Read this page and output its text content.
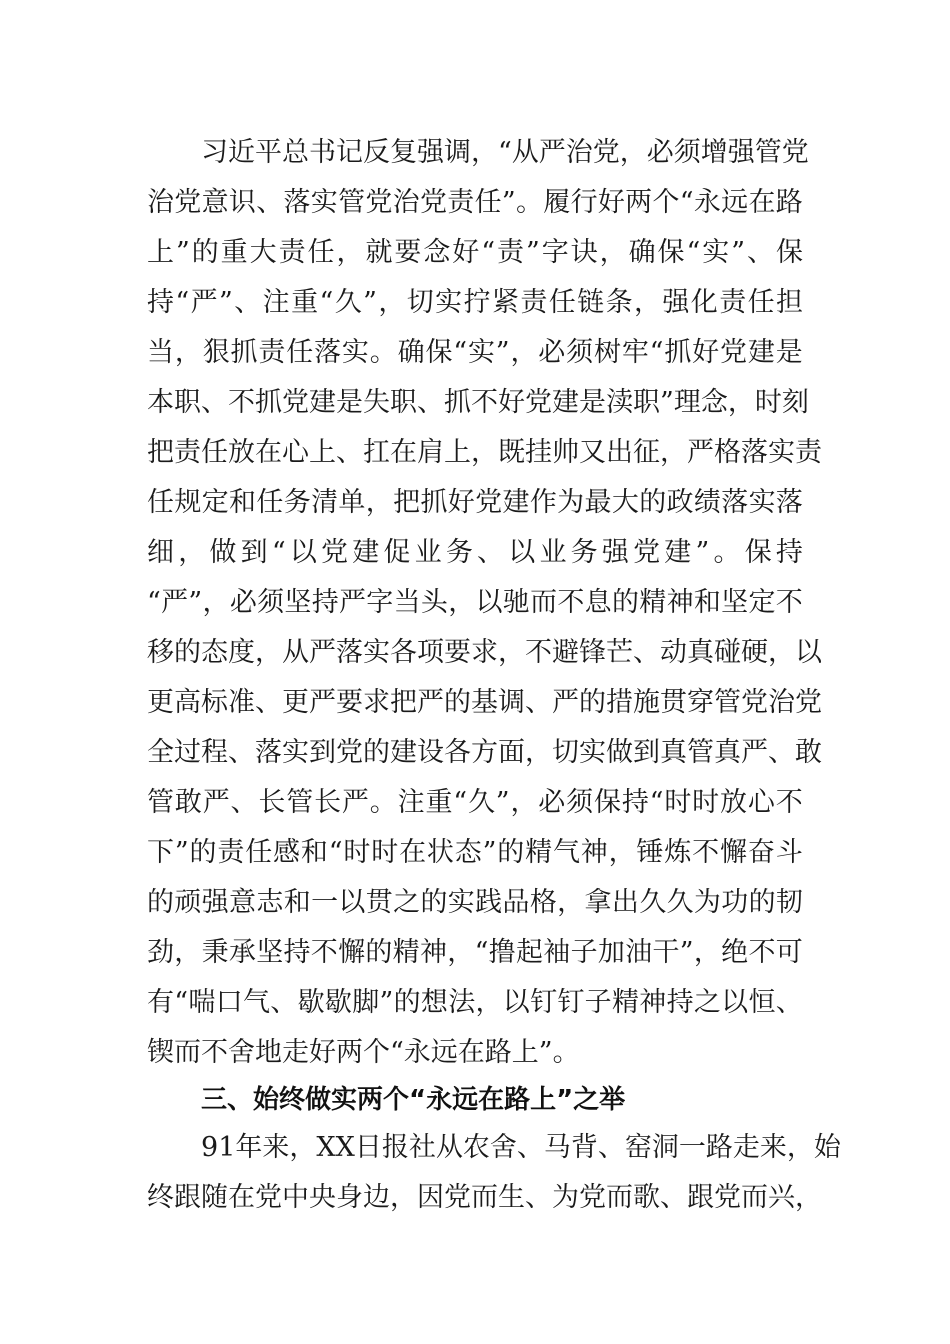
习近平总书记反复强调，“从严治党，必须增强管党
治 党 意 识 、 落 实 管 党 治 党 责 任 ” 。 履 行 好 两 个 “ 永 远 在 路
上 ” 的 重 大 责 任 ， 就 要 念 好 “ 责 ” 字 诀 ， 确 保 “ 实 ” 、 保
持 “ 严 ” 、 注 重 “ 久 ” ， 切 实 拧 紧 责 任 链 条 ， 强 化 责 任 担
当 ， 狠 抓 责 任 落 实 。 确 保 “ 实 ” ， 必 须 树 牢 “ 抓 好 党 建 是
本 职 、 不 抓 党 建 是 失 职 、 抓 不 好 党 建 是 渎 职 ” 理 念 ， 时 刻
把 责 任 放 在 心 上 、 扛 在 肩 上 ， 既 挂 帅 又 出 征 ， 严 格 落 实 责
任 规 定 和 任 务 清 单 ， 把 抓 好 党 建 作 为 最 大 的 政 绩 落 实 落
细 ， 做 到 “ 以 党 建 促 业 务 、 以 业 务 强 党 建 ” 。 保 持
“ 严 ” ， 必 须 坚 持 严 字 当 头 ， 以 驰 而 不 息 的 精 神 和 坚 定 不
移 的 态 度 ， 从 严 落 实 各 项 要 求 ， 不 避 锋 芒 、 动 真 碰 硬 ， 以
更 高 标 准 、 更 严 要 求 把 严 的 基 调 、 严 的 措 施 贯 穿 管 党 治 党
全 过 程 、 落 实 到 党 的 建 设 各 方 面 ， 切 实 做 到 真 管 真 严 、 敢
管 敢 严 、 长 管 长 严 。 注 重 “ 久 ” ， 必 须 保 持 “ 时 时 放 心 不
下 ” 的 责 任 感 和 “ 时 时 在 状 态 ” 的 精 气 神 ， 锤 炼 不 懈 奋 斗
的 顽 强 意 志 和 一 以 贯 之 的 实 践 品 格 ， 拿 出 久 久 为 功 的 韧
劲 ， 秉 承 坚 持 不 懈 的 精 神 ， “ 撸 起 袖 子 加 油 干 ” ， 绝 不 可
有 “ 喘 口 气 、 歇 歇 脚 ” 的 想 法 ， 以 钉 钉 子 精 神 持 之 以 恒 、
锲而不舍地走好两个“永远在路上”。
三、始终做实两个“永远在路上”之举
9 1 年 来 ， X X 日 报 社 从 农 舍 、 马 背 、 窑 洞 一 路 走 来 ， 始
终 跟 随 在 党 中 央 身 边 ， 因 党 而 生 、 为 党 而 歌 、 跟 党 而 兴 ，
